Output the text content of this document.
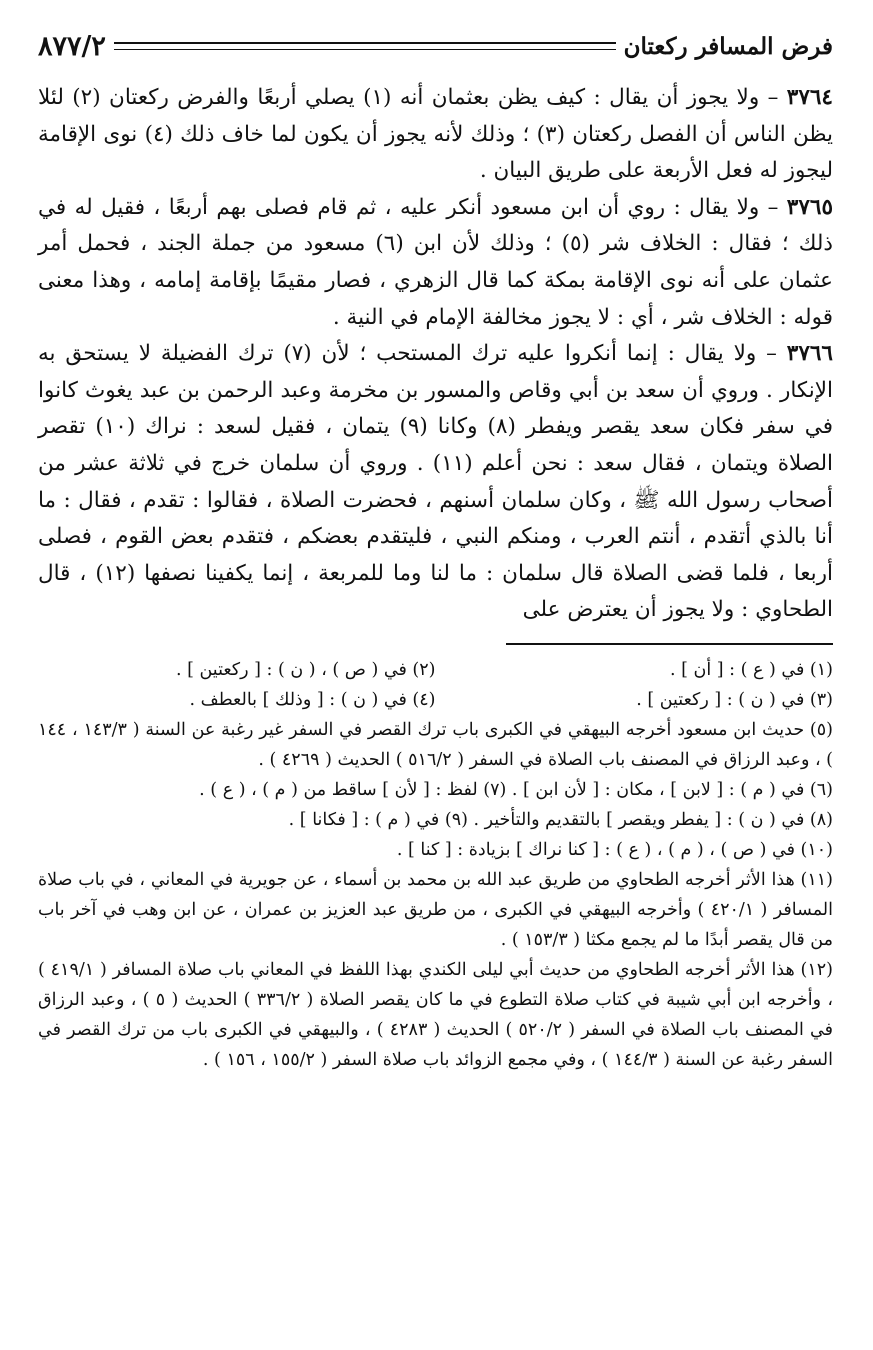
فرض المسافر ركعتان
٨٧٧/٢

٣٧٦٤ – ولا يجوز أن يقال : كيف يظن بعثمان أنه (١) يصلي أربعًا والفرض ركعتان (٢) لئلا يظن الناس أن الفصل ركعتان (٣) ؛ وذلك لأنه يجوز أن يكون لما خاف ذلك (٤) نوى الإقامة ليجوز له فعل الأربعة على طريق البيان .

٣٧٦٥ – ولا يقال : روي أن ابن مسعود أنكر عليه ، ثم قام فصلى بهم أربعًا ، فقيل له في ذلك ؛ فقال : الخلاف شر (٥) ؛ وذلك لأن ابن (٦) مسعود من جملة الجند ، فحمل أمر عثمان على أنه نوى الإقامة بمكة كما قال الزهري ، فصار مقيمًا بإقامة إمامه ، وهذا معنى قوله : الخلاف شر ، أي : لا يجوز مخالفة الإمام في النية .

٣٧٦٦ – ولا يقال : إنما أنكروا عليه ترك المستحب ؛ لأن (٧) ترك الفضيلة لا يستحق به الإنكار . وروي أن سعد بن أبي وقاص والمسور بن مخرمة وعبد الرحمن بن عبد يغوث كانوا في سفر فكان سعد يقصر ويفطر (٨) وكانا (٩) يتمان ، فقيل لسعد : نراك (١٠) تقصر الصلاة ويتمان ، فقال سعد : نحن أعلم (١١) . وروي أن سلمان خرج في ثلاثة عشر من أصحاب رسول الله ﷺ ، وكان سلمان أسنهم ، فحضرت الصلاة ، فقالوا : تقدم ، فقال : ما أنا بالذي أتقدم ، أنتم العرب ، ومنكم النبي ، فليتقدم بعضكم ، فتقدم بعض القوم ، فصلى أربعا ، فلما قضى الصلاة قال سلمان : ما لنا وما للمربعة ، إنما يكفينا نصفها (١٢) ، قال الطحاوي : ولا يجوز أن يعترض على

(١) في ( ع ) : [ أن ] .
(٢) في ( ص ) ، ( ن ) : [ ركعتين ] .
(٣) في ( ن ) : [ ركعتين ] .
(٤) في ( ن ) : [ وذلك ] بالعطف .

(٥) حديث ابن مسعود أخرجه البيهقي في الكبرى باب ترك القصر في السفر غير رغبة عن السنة ( ١٤٣/٣ ، ١٤٤ ) ، وعبد الرزاق في المصنف باب الصلاة في السفر ( ٥١٦/٢ ) الحديث ( ٤٢٦٩ ) .

(٦) في ( م ) : [ لابن ] ، مكان : [ لأن ابن ] . (٧) لفظ : [ لأن ] ساقط من ( م ) ، ( ع ) .

(٨) في ( ن ) : [ يفطر ويقصر ] بالتقديم والتأخير . (٩) في ( م ) : [ فكانا ] .

(١٠) في ( ص ) ، ( م ) ، ( ع ) : [ كنا نراك ] بزيادة : [ كنا ] .

(١١) هذا الأثر أخرجه الطحاوي من طريق عبد الله بن محمد بن أسماء ، عن جويرية في المعاني ، في باب صلاة المسافر ( ٤٢٠/١ ) وأخرجه البيهقي في الكبرى ، من طريق عبد العزيز بن عمران ، عن ابن وهب في آخر باب من قال يقصر أبدًا ما لم يجمع مكثا ( ١٥٣/٣ ) .

(١٢) هذا الأثر أخرجه الطحاوي من حديث أبي ليلى الكندي بهذا اللفظ في المعاني باب صلاة المسافر ( ٤١٩/١ ) ، وأخرجه ابن أبي شيبة في كتاب صلاة التطوع في ما كان يقصر الصلاة ( ٣٣٦/٢ ) الحديث ( ٥ ) ، وعبد الرزاق في المصنف باب الصلاة في السفر ( ٥٢٠/٢ ) الحديث ( ٤٢٨٣ ) ، والبيهقي في الكبرى باب من ترك القصر في السفر رغبة عن السنة ( ١٤٤/٣ ) ، وفي مجمع الزوائد باب صلاة السفر ( ١٥٥/٢ ، ١٥٦ ) .
